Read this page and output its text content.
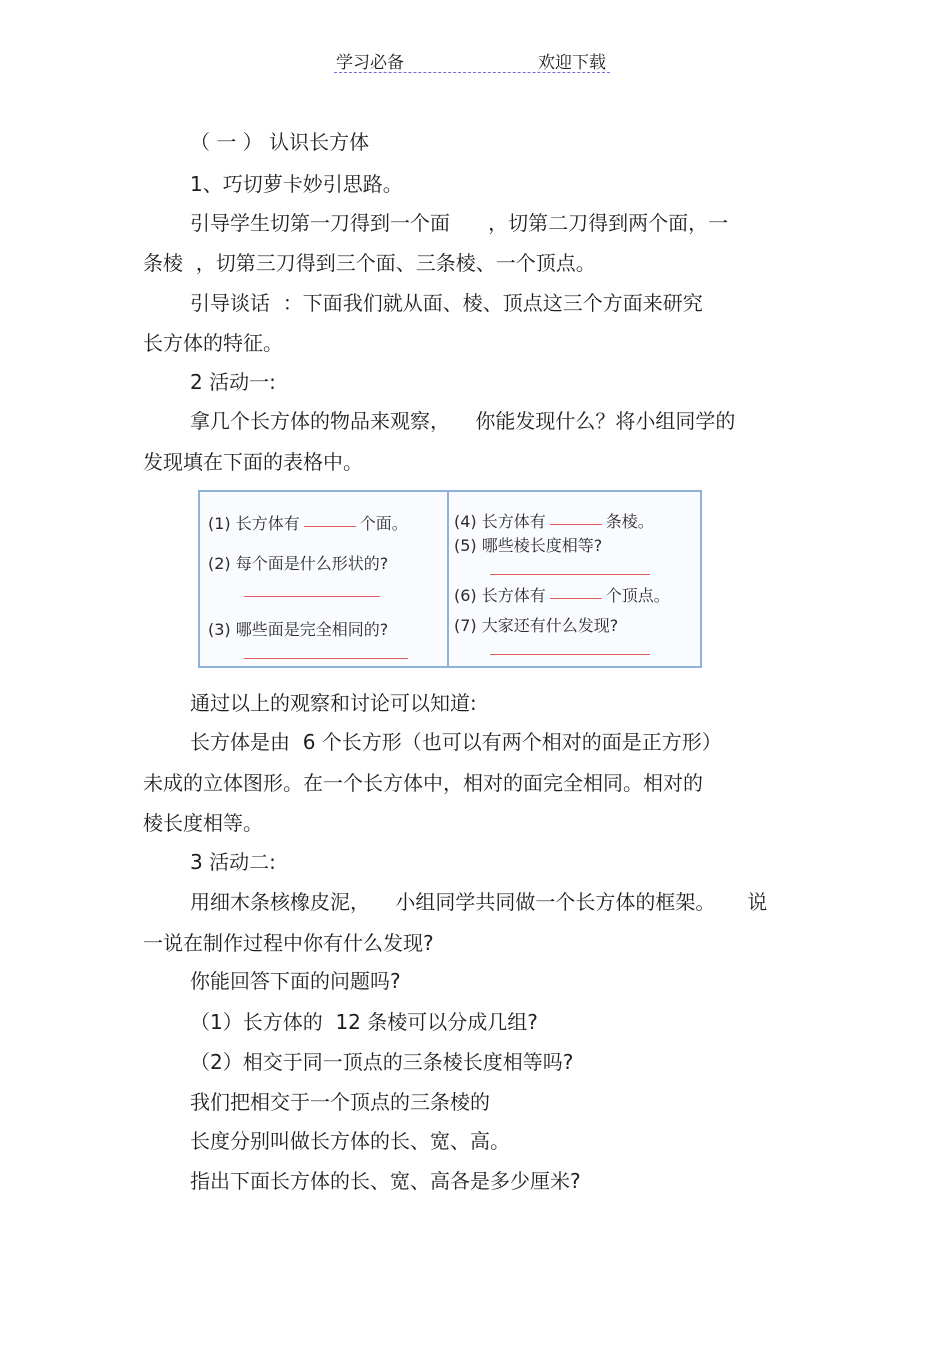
学习必备	欢迎下载
（ 一 ） 认识长方体
1、巧切萝卡妙引思路。
引导学生切第一刀得到一个面      ，切第二刀得到两个面，一
条棱  ，切第三刀得到三个面、三条棱、一个顶点。
引导谈话  ：下面我们就从面、棱、顶点这三个方面来研究
长方体的特征。
2 活动一:
拿几个长方体的物品来观察，    你能发现什么？将小组同学的
发现填在下面的表格中。
(1) 长方体有	个面。
(2) 每个面是什么形状的?
(3) 哪些面是完全相同的?
(4) 长方体有	条棱。
(5) 哪些棱长度相等?
(6) 长方体有	个顶点。
(7) 大家还有什么发现?
通过以上的观察和讨论可以知道:
长方体是由  6 个长方形（也可以有两个相对的面是正方形）
未成的立体图形。在一个长方体中，相对的面完全相同。相对的
棱长度相等。
3 活动二:
用细木条核橡皮泥，    小组同学共同做一个长方体的框架。     说
一说在制作过程中你有什么发现?
你能回答下面的问题吗?
（1）长方体的  12 条棱可以分成几组?
（2）相交于同一顶点的三条棱长度相等吗?
我们把相交于一个顶点的三条棱的
长度分别叫做长方体的长、宽、高。
指出下面长方体的长、宽、高各是多少厘米?
